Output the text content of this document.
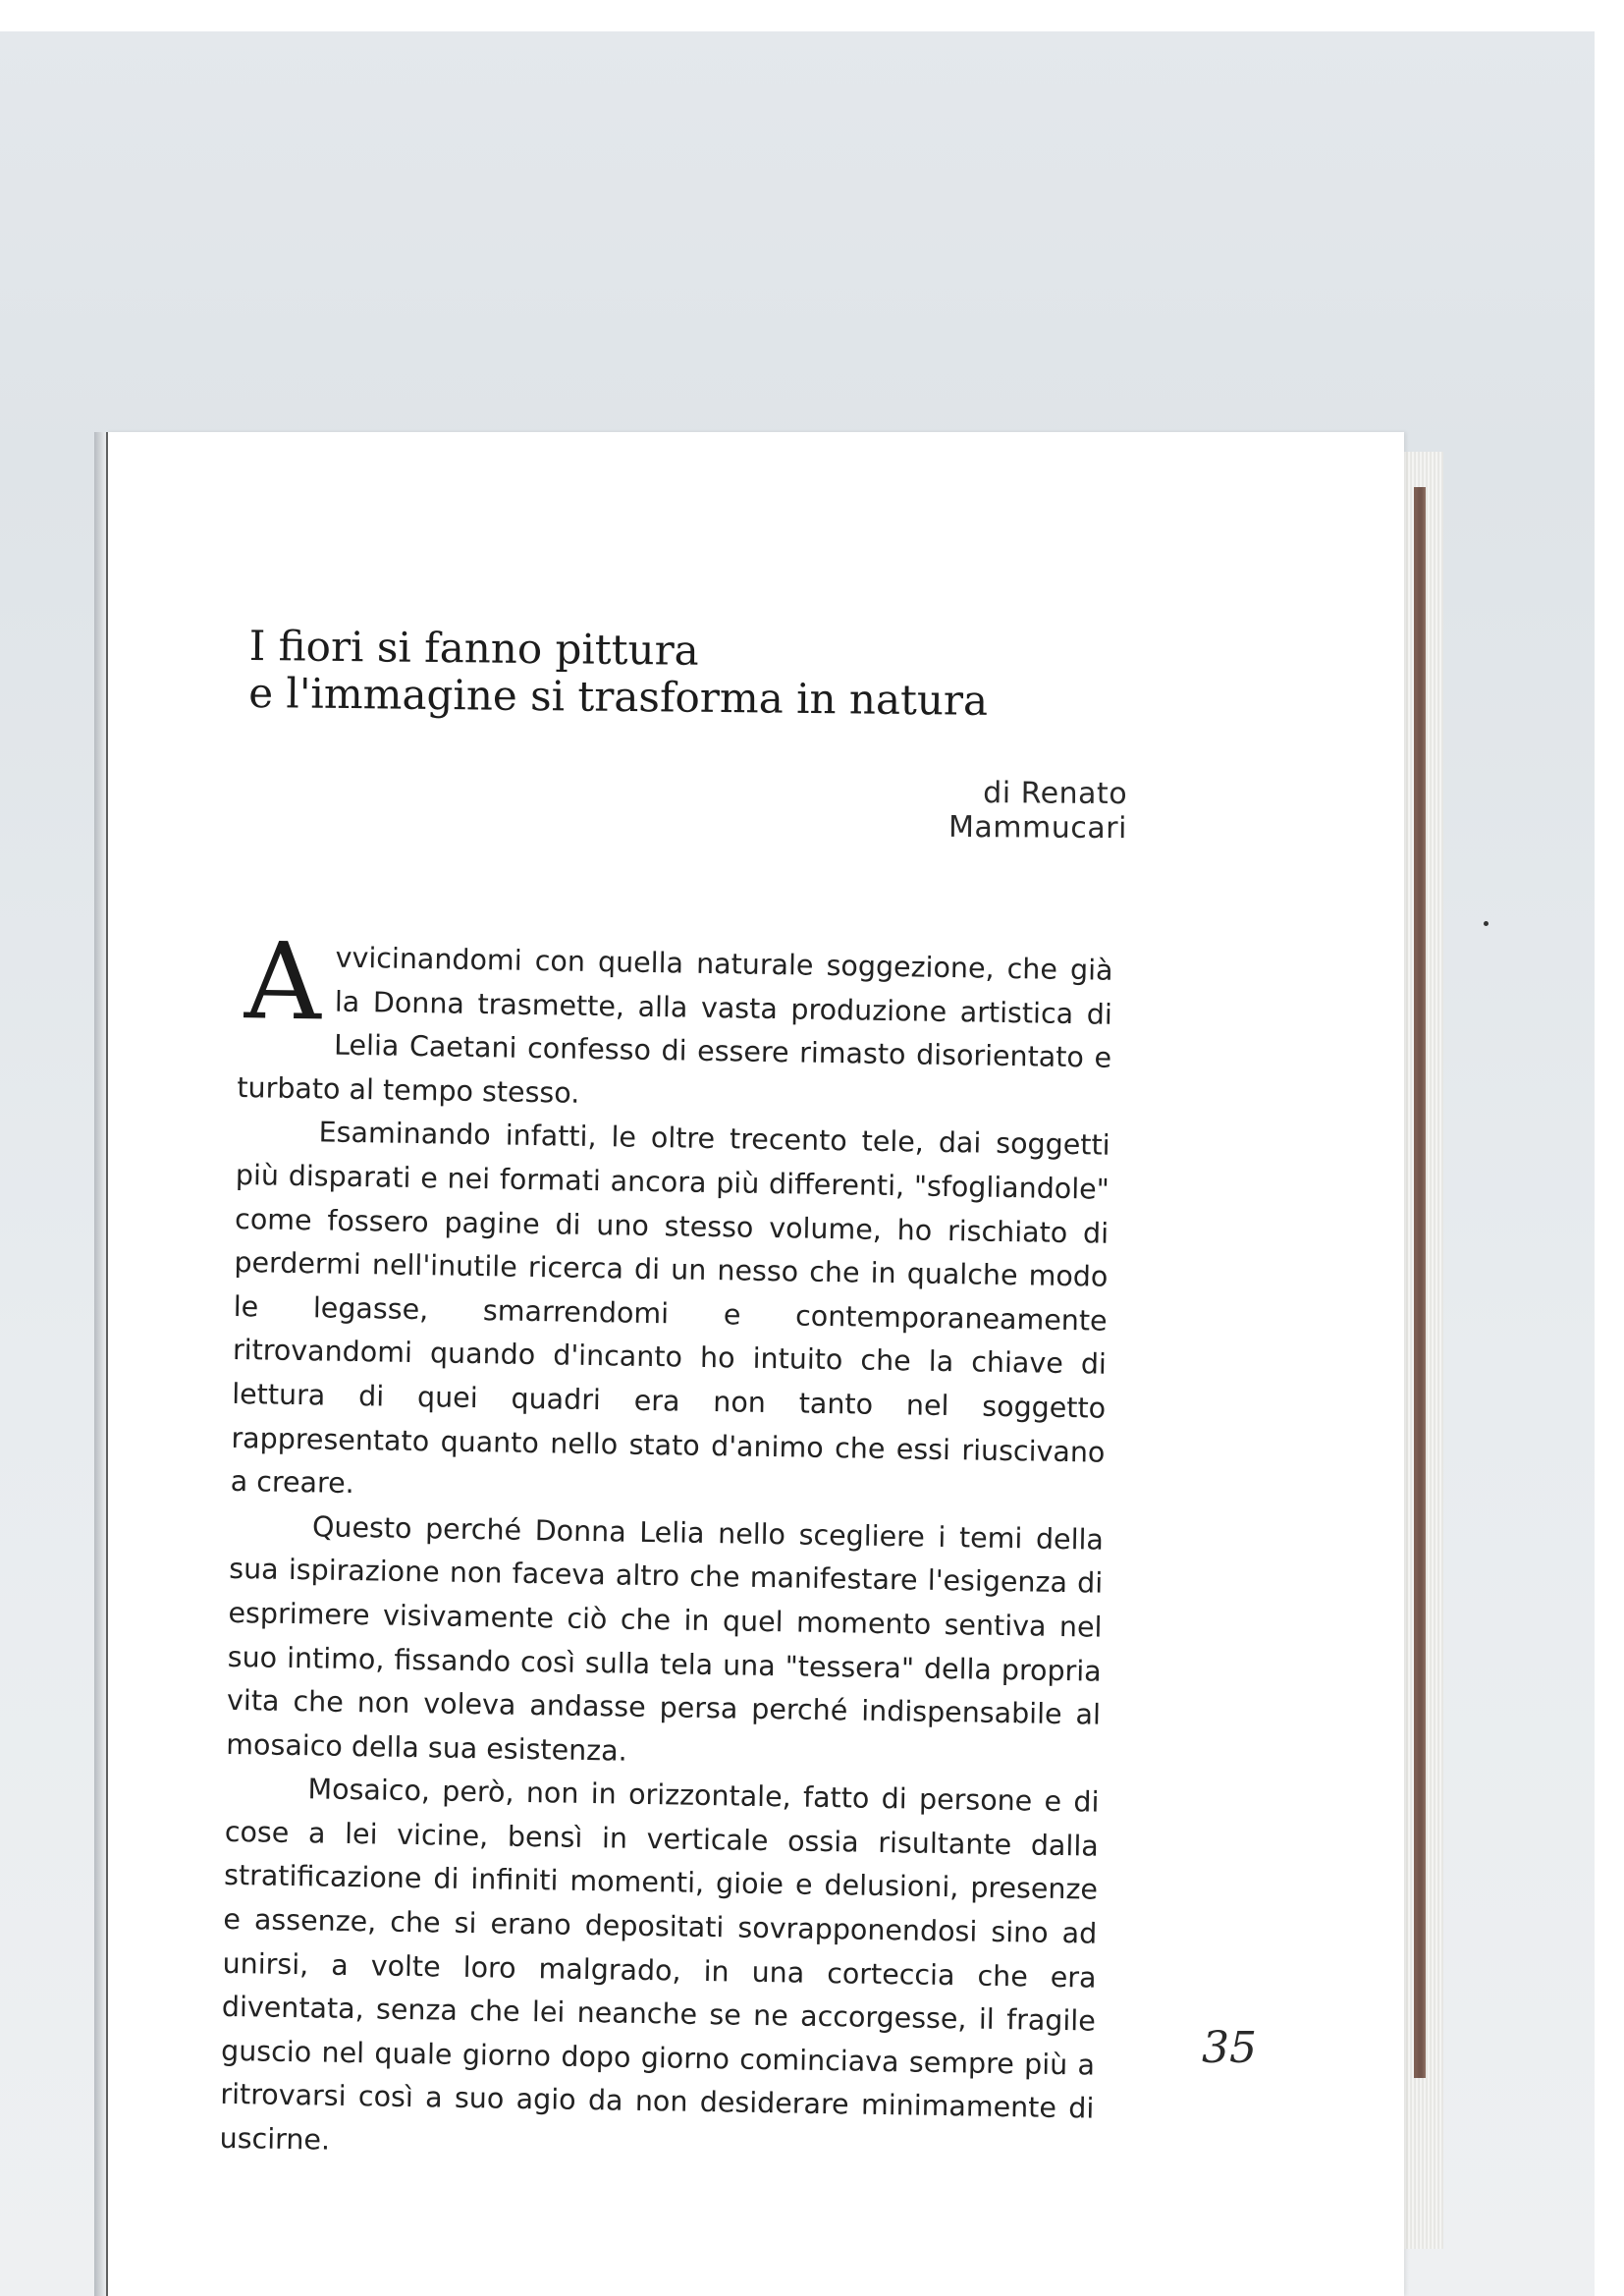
I fiori si fanno pittura
e l'immagine si trasforma in natura
di Renato Mammucari

Avvicinandomi con quella naturale soggezione, che già la Donna trasmette, alla vasta produzione artistica di Lelia Caetani confesso di essere rimasto disorientato e turbato al tempo stesso.

Esaminando infatti, le oltre trecento tele, dai soggetti più disparati e nei formati ancora più differenti, "sfogliandole" come fossero pagine di uno stesso volume, ho rischiato di perdermi nell'inutile ricerca di un nesso che in qualche modo le legasse, smarrendomi e contemporaneamente ritrovandomi quando d'incanto ho intuito che la chiave di lettura di quei quadri era non tanto nel soggetto rappresentato quanto nello stato d'animo che essi riuscivano a creare.

Questo perché Donna Lelia nello scegliere i temi della sua ispirazione non faceva altro che manifestare l'esigenza di esprimere visivamente ciò che in quel momento sentiva nel suo intimo, fissando così sulla tela una "tessera" della propria vita che non voleva andasse persa perché indispensabile al mosaico della sua esistenza.

Mosaico, però, non in orizzontale, fatto di persone e di cose a lei vicine, bensì in verticale ossia risultante dalla stratificazione di infiniti momenti, gioie e delusioni, presenze e assenze, che si erano depositati sovrapponendosi sino ad unirsi, a volte loro malgrado, in una corteccia che era diventata, senza che lei neanche se ne accorgesse, il fragile guscio nel quale giorno dopo giorno cominciava sempre più a ritrovarsi così a suo agio da non desiderare minimamente di uscirne.

35
